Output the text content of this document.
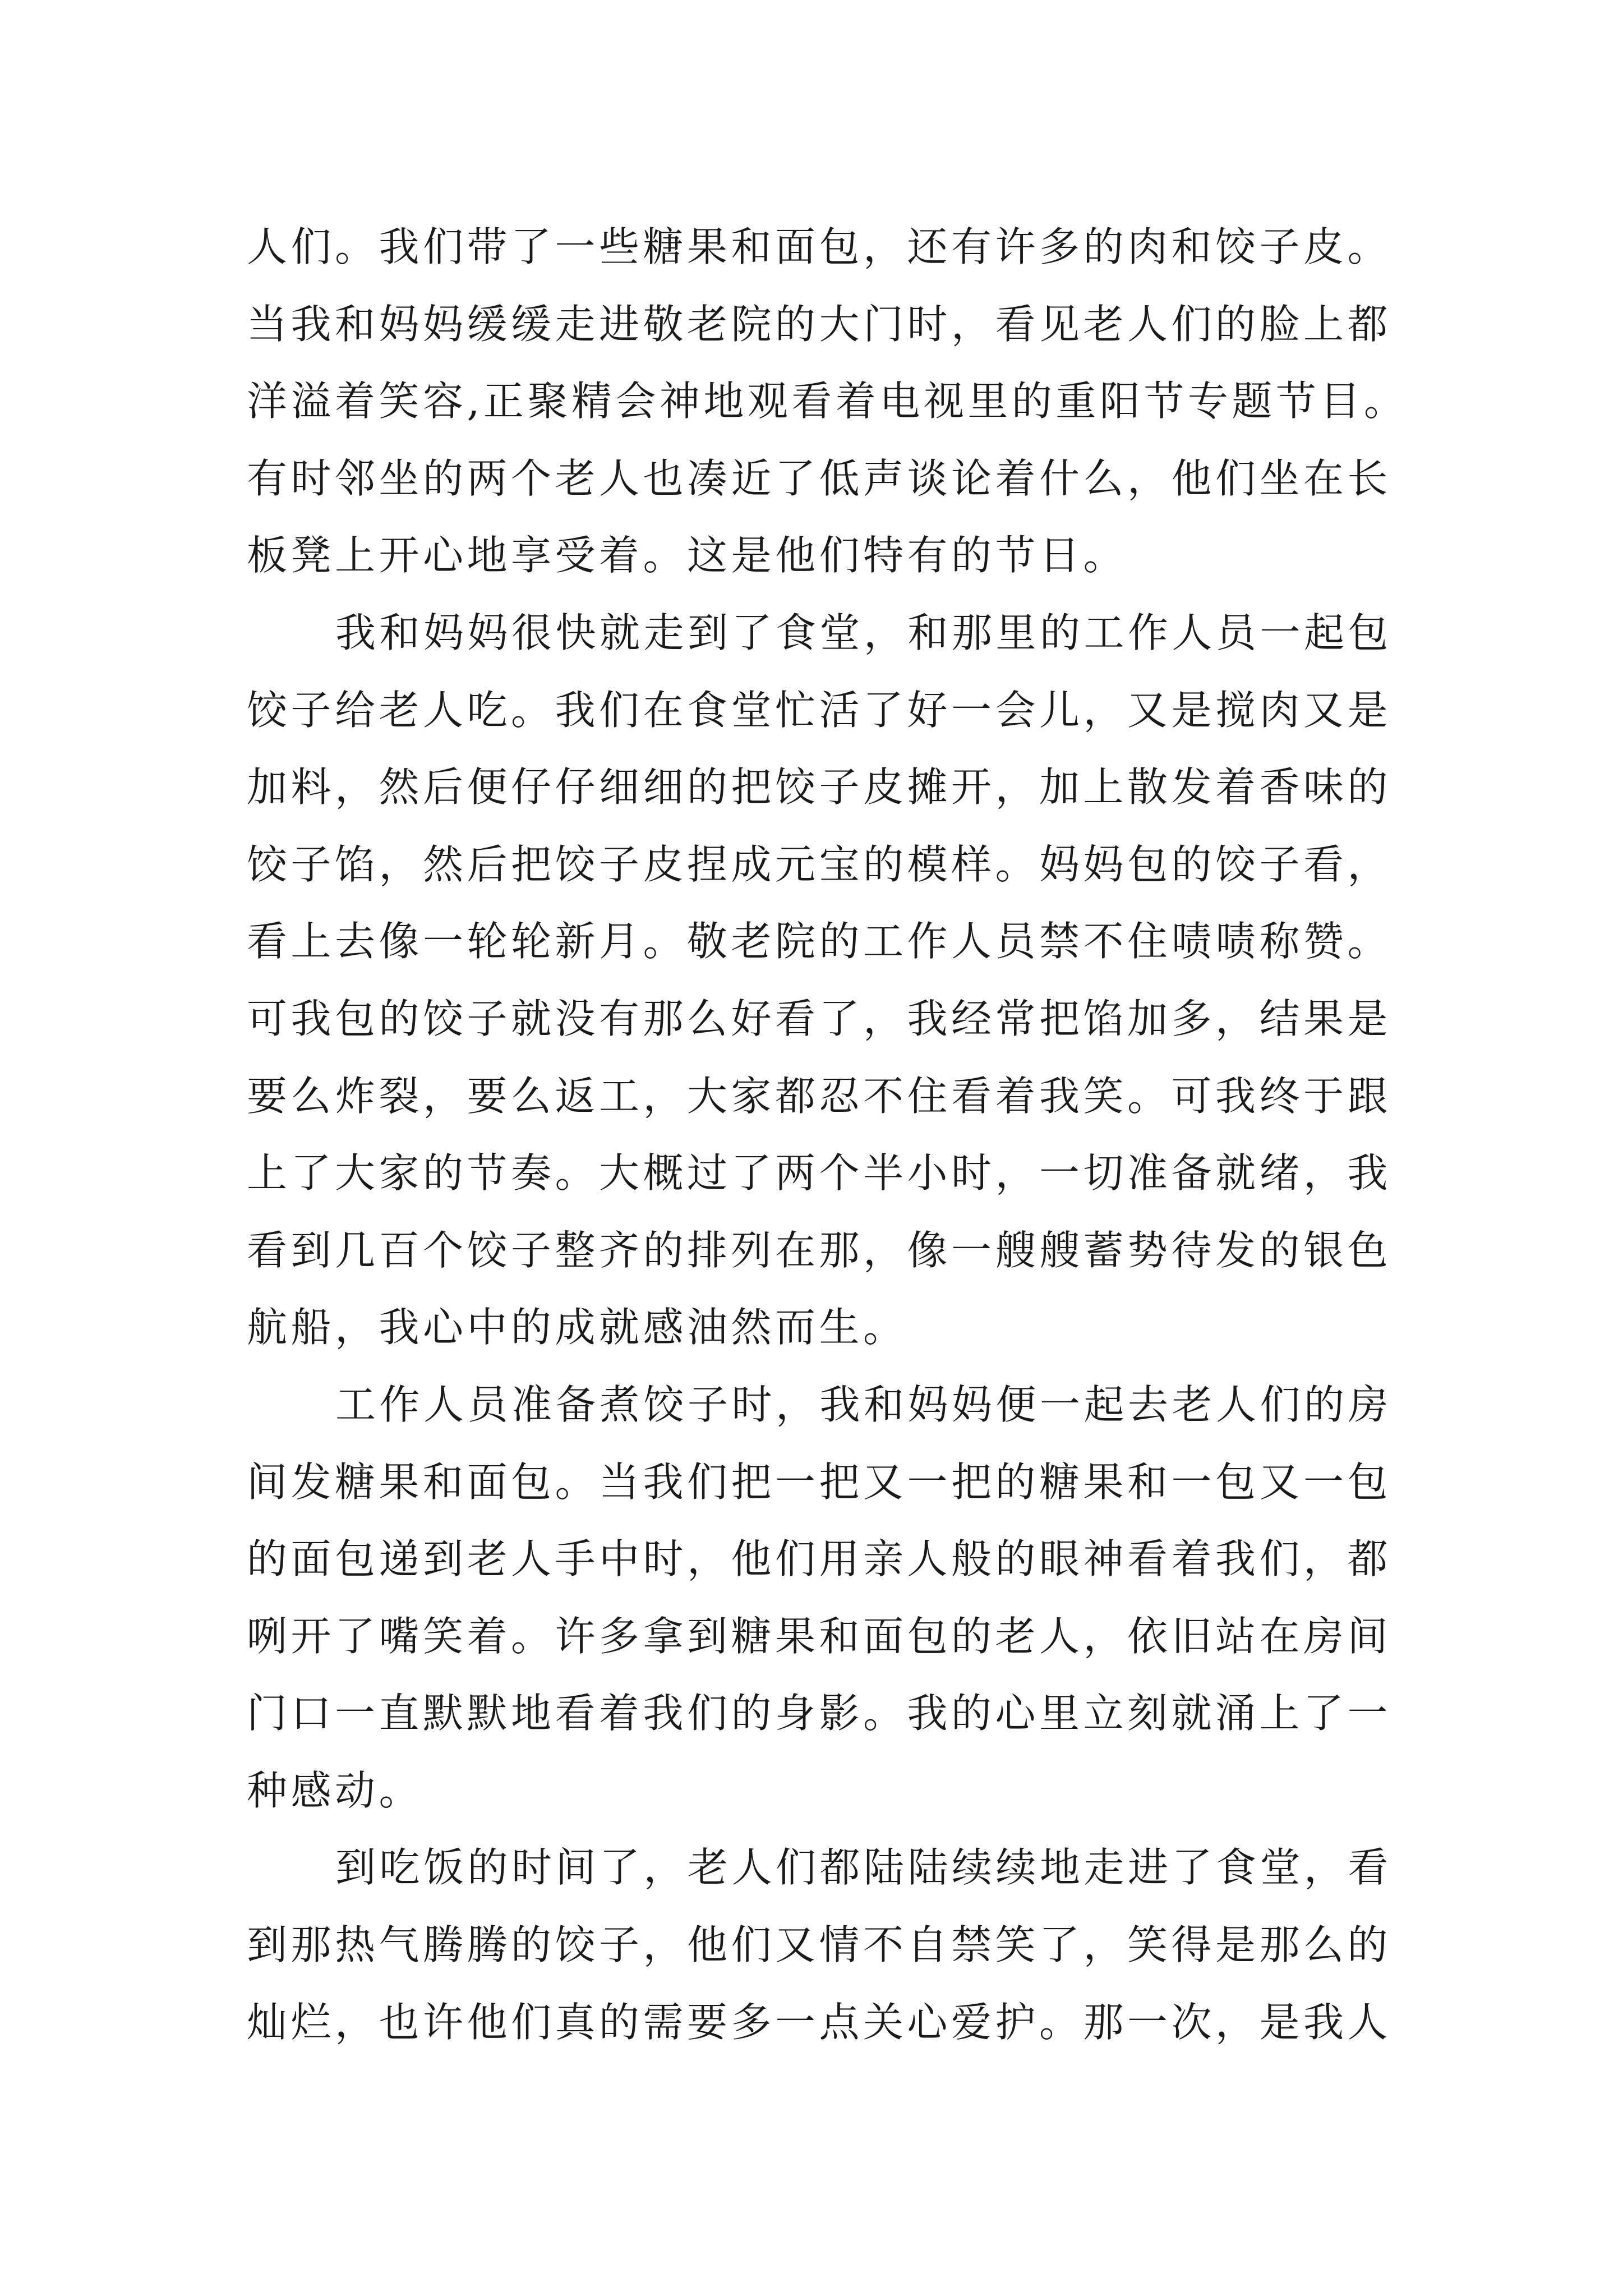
人们。我们带了一些糖果和面包，还有许多的肉和饺子皮。
当我和妈妈缓缓走进敬老院的大门时，看见老人们的脸上都
洋溢着笑容,正聚精会神地观看着电视里的重阳节专题节目。
有时邻坐的两个老人也凑近了低声谈论着什么，他们坐在长
板凳上开心地享受着。这是他们特有的节日。
我和妈妈很快就走到了食堂，和那里的工作人员一起包
饺子给老人吃。我们在食堂忙活了好一会儿，又是搅肉又是
加料，然后便仔仔细细的把饺子皮摊开，加上散发着香味的
饺子馅，然后把饺子皮捏成元宝的模样。妈妈包的饺子看，
看上去像一轮轮新月。敬老院的工作人员禁不住啧啧称赞。
可我包的饺子就没有那么好看了，我经常把馅加多，结果是
要么炸裂，要么返工，大家都忍不住看着我笑。可我终于跟
上了大家的节奏。大概过了两个半小时，一切准备就绪，我
看到几百个饺子整齐的排列在那，像一艘艘蓄势待发的银色
航船，我心中的成就感油然而生。
工作人员准备煮饺子时，我和妈妈便一起去老人们的房
间发糖果和面包。当我们把一把又一把的糖果和一包又一包
的面包递到老人手中时，他们用亲人般的眼神看着我们，都
咧开了嘴笑着。许多拿到糖果和面包的老人，依旧站在房间
门口一直默默地看着我们的身影。我的心里立刻就涌上了一
种感动。
到吃饭的时间了，老人们都陆陆续续地走进了食堂，看
到那热气腾腾的饺子，他们又情不自禁笑了，笑得是那么的
灿烂，也许他们真的需要多一点关心爱护。那一次，是我人
